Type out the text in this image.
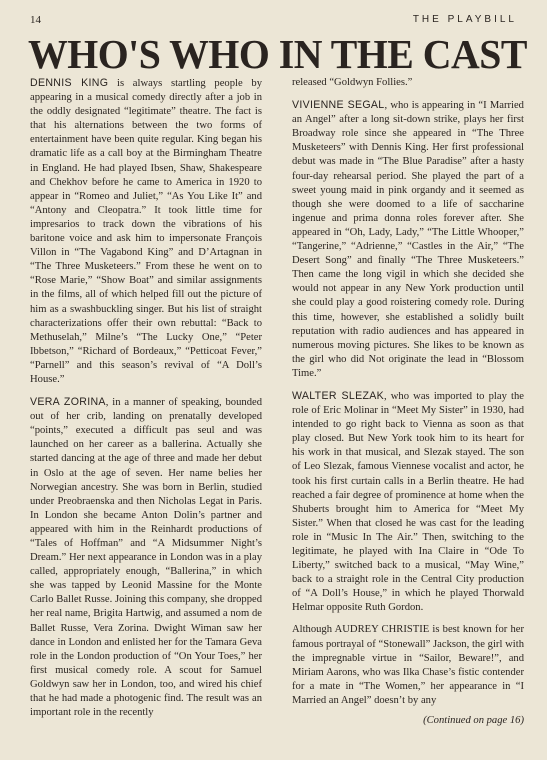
14	THE PLAYBILL
WHO'S WHO IN THE CAST

DENNIS KING is always startling people by appearing in a musical comedy directly after a job in the oddly designated “legitimate” theatre. The fact is that his alternations between the two forms of entertainment have been quite regular. King began his dramatic life as a call boy at the Birmingham Theatre in England. He had played Ibsen, Shaw, Shakespeare and Chekhov before he came to America in 1920 to appear in “Romeo and Juliet,” “As You Like It” and “Antony and Cleopatra.” It took little time for impresarios to track down the vibrations of his baritone voice and ask him to impersonate François Villon in “The Vagabond King” and D’Artagnan in “The Three Musketeers.” From these he went on to “Rose Marie,” “Show Boat” and similar assignments in the films, all of which helped fill out the picture of him as a swashbuckling singer. But his list of straight characterizations offer their own rebuttal: “Back to Methuselah,” Milne’s “The Lucky One,” “Peter Ibbetson,” “Richard of Bordeaux,” “Petticoat Fever,” “Parnell” and this season’s revival of “A Doll’s House.”

VERA ZORINA, in a manner of speaking, bounded out of her crib, landing on prenatally developed “points,” executed a difficult pas seul and was launched on her career as a ballerina. Actually she started dancing at the age of three and made her debut in Oslo at the age of seven. Her name belies her Norwegian ancestry. She was born in Berlin, studied under Preobraenska and then Nicholas Legat in Paris. In London she became Anton Dolin’s partner and appeared with him in the Reinhardt productions of “Tales of Hoffman” and “A Midsummer Night’s Dream.” Her next appearance in London was in a play called, appropriately enough, “Ballerina,” in which she was tapped by Leonid Massine for the Monte Carlo Ballet Russe. Joining this company, she dropped her real name, Brigita Hartwig, and assumed a nom de Ballet Russe, Vera Zorina. Dwight Wiman saw her dance in London and enlisted her for the Tamara Geva role in the London production of “On Your Toes,” her first musical comedy role. A scout for Samuel Goldwyn saw her in London, too, and wired his chief that he had made a photogenic find. The result was an important role in the recently

released “Goldwyn Follies.”

VIVIENNE SEGAL, who is appearing in “I Married an Angel” after a long sit-down strike, plays her first Broadway role since she appeared in “The Three Musketeers” with Dennis King. Her first professional debut was made in “The Blue Paradise” after a hasty four-day rehearsal period. She played the part of a sweet young maid in pink organdy and it seemed as though she were doomed to a life of saccharine ingenue and prima donna roles forever after. She appeared in “Oh, Lady, Lady,” “The Little Whooper,” “Tangerine,” “Adrienne,” “Castles in the Air,” “The Desert Song” and finally “The Three Musketeers.” Then came the long vigil in which she decided she would not appear in any New York production until she could play a good roistering comedy role. During this time, however, she established a solidly built reputation with radio audiences and has appeared in numerous moving pictures. She likes to be known as the girl who did Not originate the lead in “Blossom Time.”

WALTER SLEZAK, who was imported to play the role of Eric Molinar in “Meet My Sister” in 1930, had intended to go right back to Vienna as soon as that play closed. But New York took him to its heart for his work in that musical, and Slezak stayed. The son of Leo Slezak, famous Viennese vocalist and actor, he took his first curtain calls in a Berlin theatre. He had reached a fair degree of prominence at home when the Shuberts brought him to America for “Meet My Sister.” When that closed he was cast for the leading role in “Music In The Air.” Then, switching to the legitimate, he played with Ina Claire in “Ode To Liberty,” switched back to a musical, “May Wine,” back to a straight role in the Central City production of “A Doll’s House,” in which he played Thorwald Helmar opposite Ruth Gordon.

Although AUDREY CHRISTIE is best known for her famous portrayal of “Stonewall” Jackson, the girl with the impregnable virtue in “Sailor, Beware!”, and Miriam Aarons, who was Ilka Chase’s fistic contender for a mate in “The Women,” her appearance in “I Married an Angel” doesn’t by any

(Continued on page 16)
